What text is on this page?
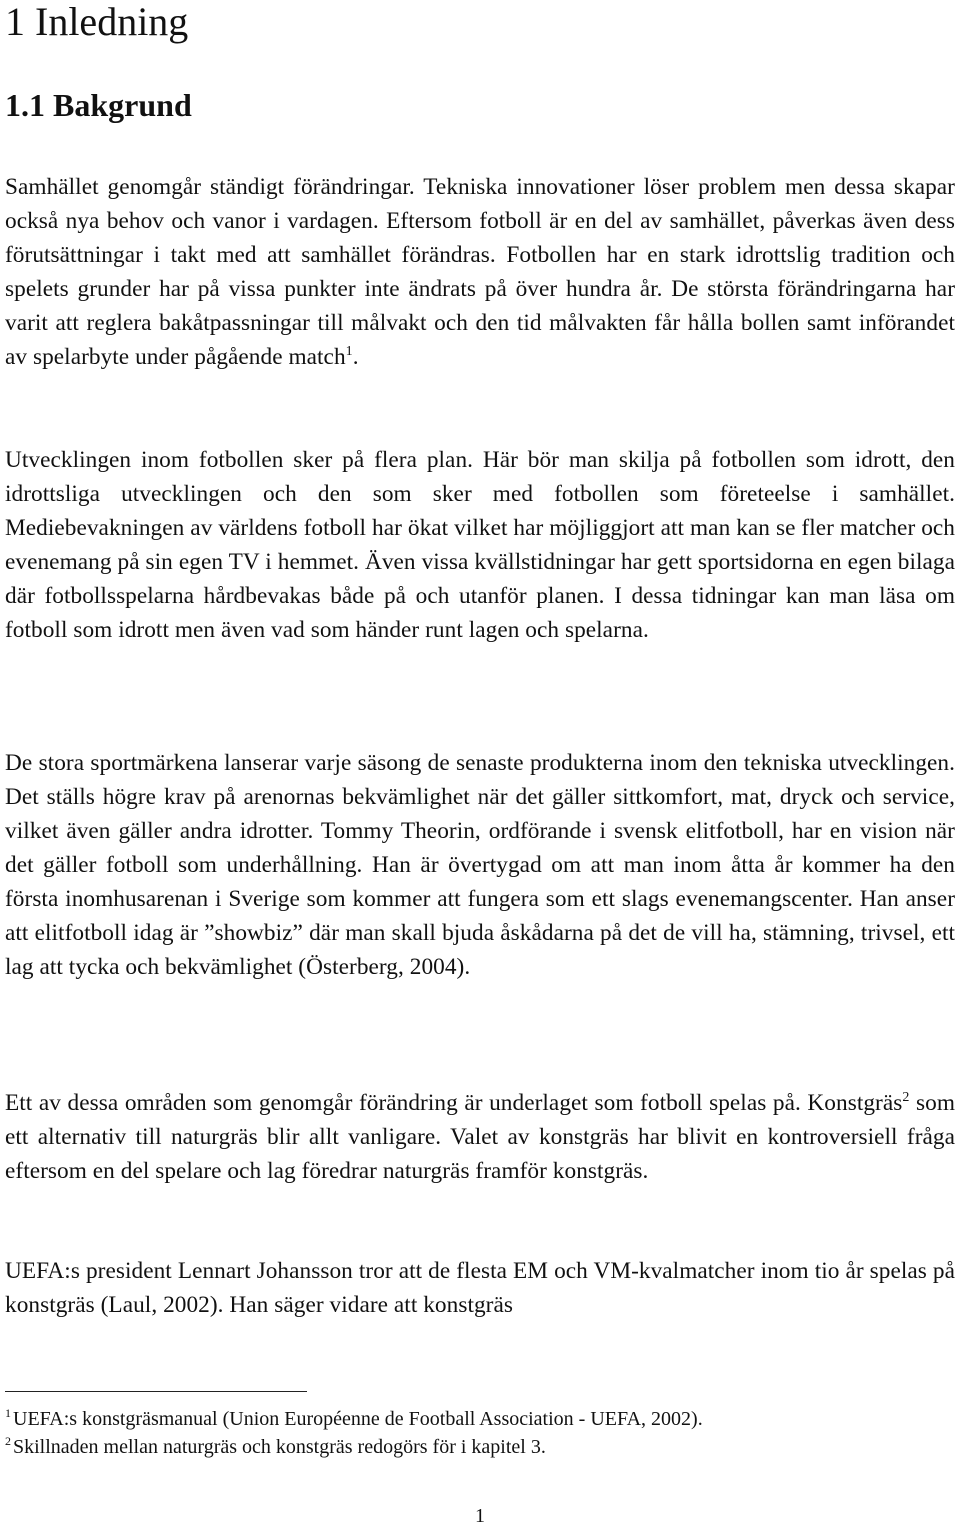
1 Inledning
1.1 Bakgrund

Samhället genomgår ständigt förändringar. Tekniska innovationer löser problem men dessa skapar också nya behov och vanor i vardagen. Eftersom fotboll är en del av samhället, påverkas även dess förutsättningar i takt med att samhället förändras. Fotbollen har en stark idrottslig tradition och spelets grunder har på vissa punkter inte ändrats på över hundra år. De största förändringarna har varit att reglera bakåtpassningar till målvakt och den tid målvakten får hålla bollen samt införandet av spelarbyte under pågående match$^1$.

Utvecklingen inom fotbollen sker på flera plan. Här bör man skilja på fotbollen som idrott, den idrottsliga utvecklingen och den som sker med fotbollen som företeelse i samhället. Mediebevakningen av världens fotboll har ökat vilket har möjliggjort att man kan se fler matcher och evenemang på sin egen TV i hemmet. Även vissa kvällstidningar har gett sportsidorna en egen bilaga där fotbollsspelarna hårdbevakas både på och utanför planen. I dessa tidningar kan man läsa om fotboll som idrott men även vad som händer runt lagen och spelarna.

De stora sportmärkena lanserar varje säsong de senaste produkterna inom den tekniska utvecklingen. Det ställs högre krav på arenornas bekvämlighet när det gäller sittkomfort, mat, dryck och service, vilket även gäller andra idrotter. Tommy Theorin, ordförande i svensk elitfotboll, har en vision när det gäller fotboll som underhållning. Han är övertygad om att man inom åtta år kommer ha den första inomhusarenan i Sverige som kommer att fungera som ett slags evenemangscenter. Han anser att elitfotboll idag är ”showbiz” där man skall bjuda åskådarna på det de vill ha, stämning, trivsel, ett lag att tycka och bekvämlighet (Österberg, 2004).

Ett av dessa områden som genomgår förändring är underlaget som fotboll spelas på. Konstgräs$^2$ som ett alternativ till naturgräs blir allt vanligare. Valet av konstgräs har blivit en kontroversiell fråga eftersom en del spelare och lag föredrar naturgräs framför konstgräs.

UEFA:s president Lennart Johansson tror att de flesta EM och VM-kvalmatcher inom tio år spelas på konstgräs (Laul, 2002). Han säger vidare att konstgräs

$^1$ UEFA:s konstgräsmanual (Union Européenne de Football Association - UEFA, 2002).
$^2$ Skillnaden mellan naturgräs och konstgräs redogörs för i kapitel 3.
1
